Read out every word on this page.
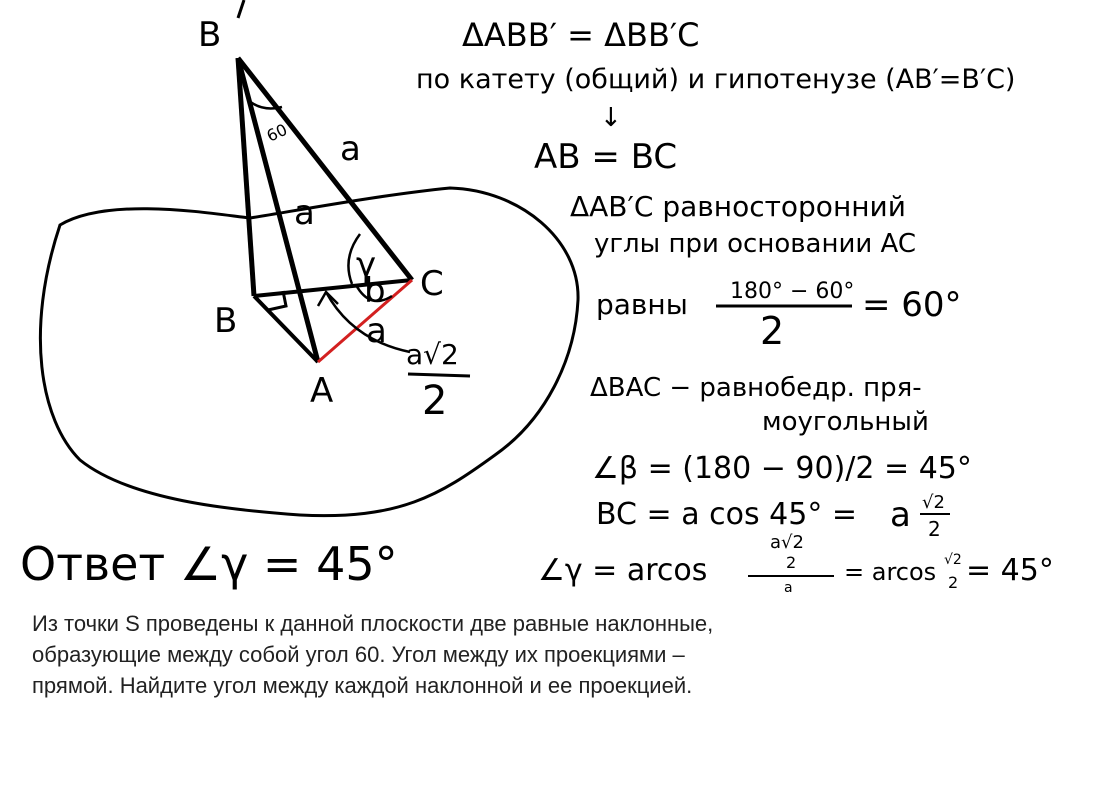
B
B
C
A
60 a
a
a
γ
b
a√2
2
ΔABB′ = ΔBB′C
по катету (общий) и гипотенузе (AB′=B′C)
↓
AB = BC
ΔAB′C равносторонний
углы при основании AC
равны 180° − 60°
2
= 60°
ΔBAC − равнобедр. пря-
моугольный
∠β = (180 − 90)/2 = 45°
BC = a cos 45° = a √2
2
∠γ = arcos
a√2
2
a
= arcos √2
2 = 45°
Ответ ∠γ = 45°

Из точки S проведены к данной плоскости две равные наклонные, образующие между собой угол 60. Угол между их проекциями – прямой. Найдите угол между каждой наклонной и ее проекцией.
